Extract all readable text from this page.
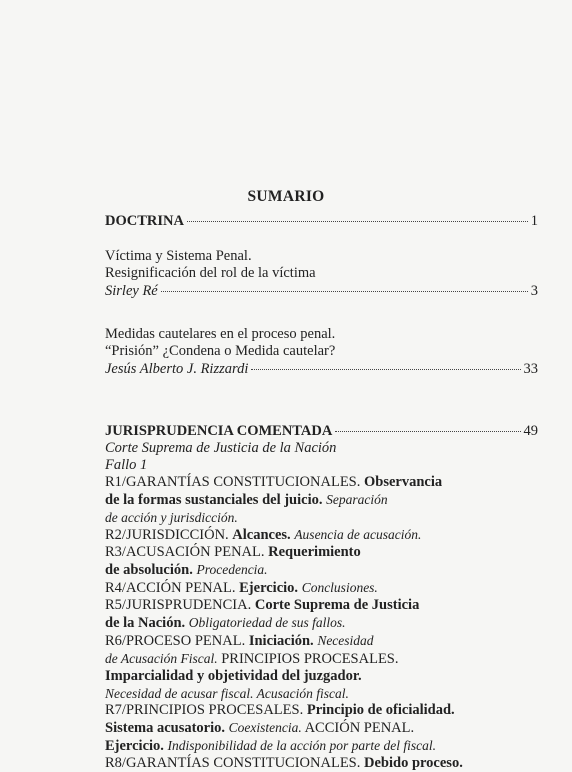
SUMARIO
DOCTRINA	1
Víctima y Sistema Penal.
Resignificación del rol de la víctima
Sirley Ré	3
Medidas cautelares en el proceso penal.
“Prisión” ¿Condena o Medida cautelar?
Jesús Alberto J. Rizzardi	33
JURISPRUDENCIA COMENTADA	49
Corte Suprema de Justicia de la Nación
Fallo 1
R1/GARANTÍAS CONSTITUCIONALES. Observancia
de la formas sustanciales del juicio. Separación
de acción y jurisdicción.
R2/JURISDICCIÓN. Alcances. Ausencia de acusación.
R3/ACUSACIÓN PENAL. Requerimiento
de absolución. Procedencia.
R4/ACCIÓN PENAL. Ejercicio. Conclusiones.
R5/JURISPRUDENCIA. Corte Suprema de Justicia
de la Nación. Obligatoriedad de sus fallos.
R6/PROCESO PENAL. Iniciación. Necesidad
de Acusación Fiscal. PRINCIPIOS PROCESALES.
Imparcialidad y objetividad del juzgador.
Necesidad de acusar fiscal. Acusación fiscal.
R7/PRINCIPIOS PROCESALES. Principio de oficialidad.
Sistema acusatorio. Coexistencia. ACCIÓN PENAL.
Ejercicio. Indisponibilidad de la acción por parte del fiscal.
R8/GARANTÍAS CONSTITUCIONALES. Debido proceso.
